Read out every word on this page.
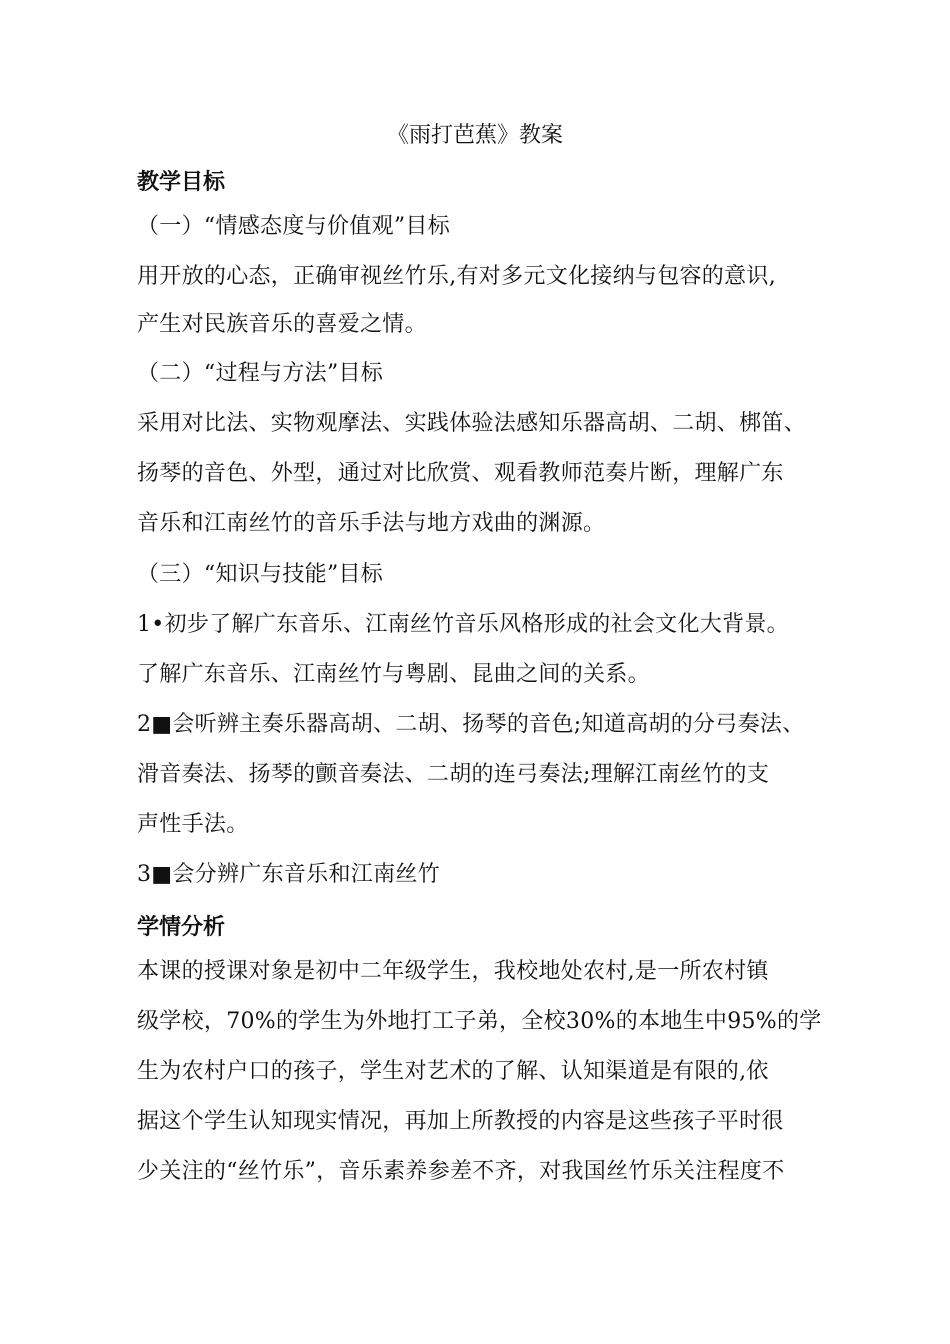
《雨打芭蕉》教案
教学目标
（一）“情感态度与价值观”目标
用开放的心态，正确审视丝竹乐,有对多元文化接纳与包容的意识,
产生对民族音乐的喜爱之情。
（二）“过程与方法”目标
采用对比法、实物观摩法、实践体验法感知乐器高胡、二胡、梆笛、
扬琴的音色、外型，通过对比欣赏、观看教师范奏片断，理解广东
音乐和江南丝竹的音乐手法与地方戏曲的渊源。
（三）“知识与技能”目标
1•初步了解广东音乐、江南丝竹音乐风格形成的社会文化大背景。
了解广东音乐、江南丝竹与粤剧、昆曲之间的关系。
2■会听辨主奏乐器高胡、二胡、扬琴的音色;知道高胡的分弓奏法、
滑音奏法、扬琴的颤音奏法、二胡的连弓奏法;理解江南丝竹的支
声性手法。
3■会分辨广东音乐和江南丝竹
学情分析
本课的授课对象是初中二年级学生，我校地处农村,是一所农村镇
级学校，70%的学生为外地打工子弟，全校30%的本地生中95%的学
生为农村户口的孩子，学生对艺术的了解、认知渠道是有限的,依
据这个学生认知现实情况，再加上所教授的内容是这些孩子平时很
少关注的“丝竹乐”，音乐素养参差不齐，对我国丝竹乐关注程度不
